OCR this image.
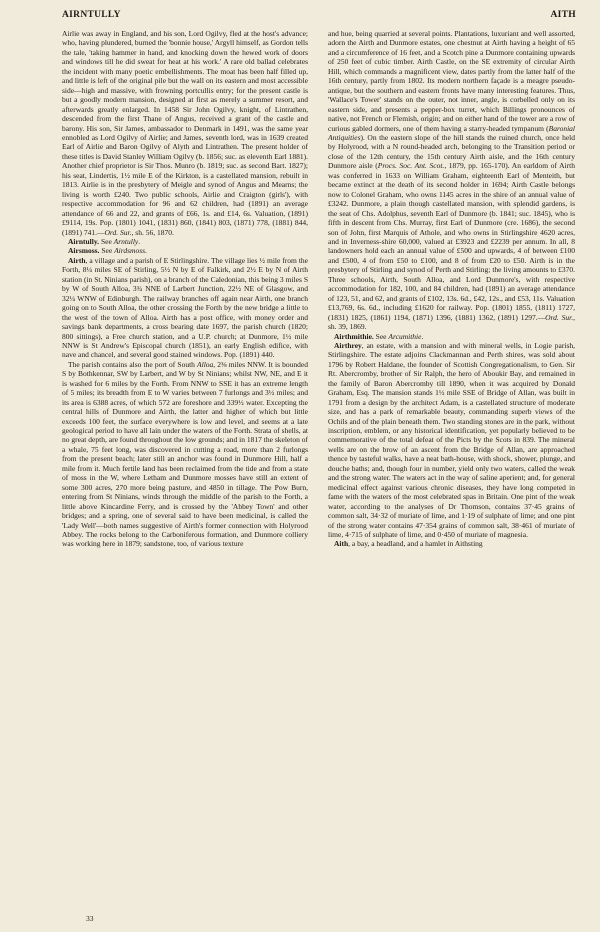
AIRNTULLY	AITH

Airlie was away in England, and his son, Lord Ogilvy, fled at the host's advance; who, having plundered, burned the 'bonnie house,' Argyll himself, as Gordon tells the tale, 'taking hammer in hand, and knocking down the hewed work of doors and windows till he did sweat for heat at his work.' A rare old ballad celebrates the incident with many poetic embellishments. The moat has been half filled up, and little is left of the original pile but the wall on its eastern and most accessible side—high and massive, with frowning portcullis entry; for the present castle is but a goodly modern mansion, designed at first as merely a summer resort, and afterwards greatly enlarged. In 1458 Sir John Ogilvy, knight, of Lintrathen, descended from the first Thane of Angus, received a grant of the castle and barony. His son, Sir James, ambassador to Denmark in 1491, was the same year ennobled as Lord Ogilvy of Airlie; and James, seventh lord, was in 1639 created Earl of Airlie and Baron Ogilvy of Alyth and Lintrathen. The present holder of these titles is David Stanley William Ogilvy (b. 1856; suc. as eleventh Earl 1881). Another chief proprietor is Sir Thos. Munro (b. 1819; suc. as second Bart. 1827); his seat, Lindertis, 1½ mile E of the Kirkton, is a castellated mansion, rebuilt in 1813. Airlie is in the presbytery of Meigle and synod of Angus and Mearns; the living is worth £240. Two public schools, Airlie and Craigton (girls'), with respective accommodation for 96 and 62 children, had (1891) an average attendance of 66 and 22, and grants of £66, 1s. and £14, 6s. Valuation, (1891) £9114, 19s. Pop. (1801) 1041, (1831) 860, (1841) 803, (1871) 778, (1881) 844, (1891) 741.—Ord. Sur., sh. 56, 1870.

Airntully. See Arntully.

Airsmoss. See Airdsmoss.

Airth, a village and a parish of E Stirlingshire. The village lies ½ mile from the Forth, 8¼ miles SE of Stirling, 5½ N by E of Falkirk, and 2½ E by N of Airth station (in St. Ninians parish), on a branch of the Caledonian, this being 3 miles S by W of South Alloa, 3¾ NNE of Larbert Junction, 22½ NE of Glasgow, and 32¼ WNW of Edinburgh. The railway branches off again near Airth, one branch going on to South Alloa, the other crossing the Forth by the new bridge a little to the west of the town of Alloa. Airth has a post office, with money order and savings bank departments, a cross bearing date 1697, the parish church (1820; 800 sittings), a Free church station, and a U.P. church; at Dunmore, 1½ mile NNW is St Andrew's Episcopal church (1851), an early English edifice, with nave and chancel, and several good stained windows. Pop. (1891) 440.

The parish contains also the port of South Alloa, 2⅜ miles NNW. It is bounded S by Bothkennar, SW by Larbert, and W by St Ninians; whilst NW, NE, and E it is washed for 6 miles by the Forth. From NNW to SSE it has an extreme length of 5 miles; its breadth from E to W varies between 7 furlongs and 3½ miles; and its area is 6388 acres, of which 572 are foreshore and 339½ water. Excepting the central hills of Dunmore and Airth, the latter and higher of which but little exceeds 100 feet, the surface everywhere is low and level, and seems at a late geological period to have all lain under the waters of the Forth. Strata of shells, at no great depth, are found throughout the low grounds; and in 1817 the skeleton of a whale, 75 feet long, was discovered in cutting a road, more than 2 furlongs from the present beach; later still an anchor was found in Dunmore Hill, half a mile from it. Much fertile land has been reclaimed from the tide and from a state of moss in the W, where Letham and Dunmore mosses have still an extent of some 300 acres, 270 more being pasture, and 4850 in tillage. The Pow Burn, entering from St Ninians, winds through the middle of the parish to the Forth, a little above Kincardine Ferry, and is crossed by the 'Abbey Town' and other bridges; and a spring, one of several said to have been medicinal, is called the 'Lady Well'—both names suggestive of Airth's former connection with Holyrood Abbey. The rocks belong to the Carboniferous formation, and Dunmore colliery was working here in 1879; sandstone, too, of various texture

and hue, being quarried at several points. Plantations, luxuriant and well assorted, adorn the Airth and Dunmore estates, one chestnut at Airth having a height of 65 and a circumference of 16 feet, and a Scotch pine a Dunmore containing upwards of 250 feet of cubic timber. Airth Castle, on the SE extremity of circular Airth Hill, which commands a magnificent view, dates partly from the latter half of the 16th century, partly from 1802. Its modern northern façade is a meagre pseudo-antique, but the southern and eastern fronts have many interesting features. Thus, 'Wallace's Tower' stands on the outer, not inner, angle, is corbelled only on its eastern side, and presents a pepper-box turret, which Billings pronounces of native, not French or Flemish, origin; and on either hand of the tower are a row of curious gabled dormers, one of them having a starry-headed tympanum (Baronial Antiquities). On the eastern slope of the hill stands the ruined church, once held by Holyrood, with a N round-headed arch, belonging to the Transition period or close of the 12th century, the 15th century Airth aisle, and the 16th century Dunmore aisle (Procs. Soc. Ant. Scot., 1879, pp. 165-170). An earldom of Airth was conferred in 1633 on William Graham, eighteenth Earl of Menteith, but became extinct at the death of its second holder in 1694; Airth Castle belongs now to Colonel Graham, who owns 1145 acres in the shire of an annual value of £3242. Dunmore, a plain though castellated mansion, with splendid gardens, is the seat of Chs. Adolphus, seventh Earl of Dunmore (b. 1841; suc. 1845), who is fifth in descent from Chs. Murray, first Earl of Dunmore (cre. 1686), the second son of John, first Marquis of Athole, and who owns in Stirlingshire 4620 acres, and in Inverness-shire 60,000, valued at £3923 and £2239 per annum. In all, 8 landowners hold each an annual value of £500 and upwards, 4 of between £100 and £500, 4 of from £50 to £100, and 8 of from £20 to £50. Airth is in the presbytery of Stirling and synod of Perth and Stirling; the living amounts to £370. Three schools, Airth, South Alloa, and Lord Dunmore's, with respective accommodation for 182, 100, and 84 children, had (1891) an average attendance of 123, 51, and 62, and grants of £102, 13s. 6d., £42, 12s., and £53, 11s. Valuation £13,769, 6s. 6d., including £1620 for railway. Pop. (1801) 1855, (1811) 1727, (1831) 1825, (1861) 1194, (1871) 1396, (1881) 1362, (1891) 1297.—Ord. Sur., sh. 39, 1869.

Airthmithie. See Arcumithie.

Airthrey, an estate, with a mansion and with mineral wells, in Logie parish, Stirlingshire. The estate adjoins Clackmannan and Perth shires, was sold about 1796 by Robert Haldane, the founder of Scottish Congregationalism, to Gen. Sir Rt. Abercromby, brother of Sir Ralph, the hero of Aboukir Bay, and remained in the family of Baron Abercromby till 1890, when it was acquired by Donald Graham, Esq. The mansion stands 1½ mile SSE of Bridge of Allan, was built in 1791 from a design by the architect Adam, is a castellated structure of moderate size, and has a park of remarkable beauty, commanding superb views of the Ochils and of the plain beneath them. Two standing stones are in the park, without inscription, emblem, or any historical identification, yet popularly believed to be commemorative of the total defeat of the Picts by the Scots in 839. The mineral wells are on the brow of an ascent from the Bridge of Allan, are approached thence by tasteful walks, have a neat bath-house, with shock, shower, plunge, and douche baths; and, though four in number, yield only two waters, called the weak and the strong water. The waters act in the way of saline aperient; and, for general medicinal effect against various chronic diseases, they have long competed in fame with the waters of the most celebrated spas in Britain. One pint of the weak water, according to the analyses of Dr Thomson, contains 37·45 grains of common salt, 34·32 of muriate of lime, and 1·19 of sulphate of lime; and one pint of the strong water contains 47·354 grains of common salt, 38·461 of muriate of lime, 4·715 of sulphate of lime, and 0·450 of muriate of magnesia.

Aith, a bay, a headland, and a hamlet in Aithsting

33
